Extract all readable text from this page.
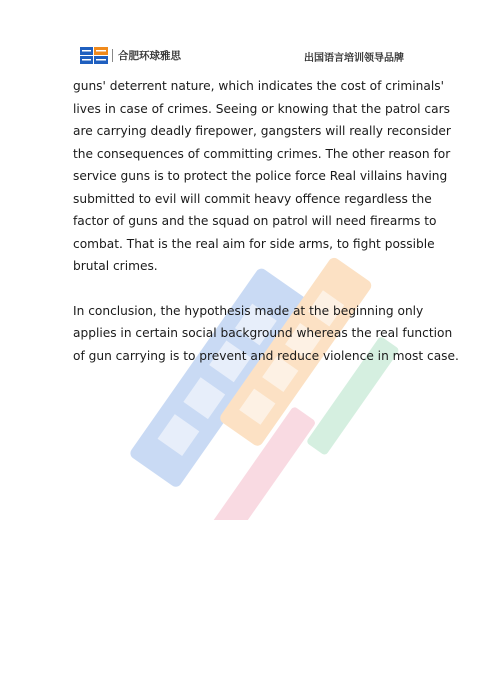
合肥环球雅思	出国语言培训领导品牌

guns' deterrent nature, which indicates the cost of criminals'
lives in case of crimes. Seeing or knowing that the patrol cars
are carrying deadly firepower, gangsters will really reconsider
the consequences of committing crimes. The other reason for
service guns is to protect the police force Real villains having
submitted to evil will commit heavy offence regardless the
factor of guns and the squad on patrol will need firearms to
combat. That is the real aim for side arms, to fight possible
brutal crimes.

In conclusion, the hypothesis made at the beginning only
applies in certain social background whereas the real function
of gun carrying is to prevent and reduce violence in most case.
